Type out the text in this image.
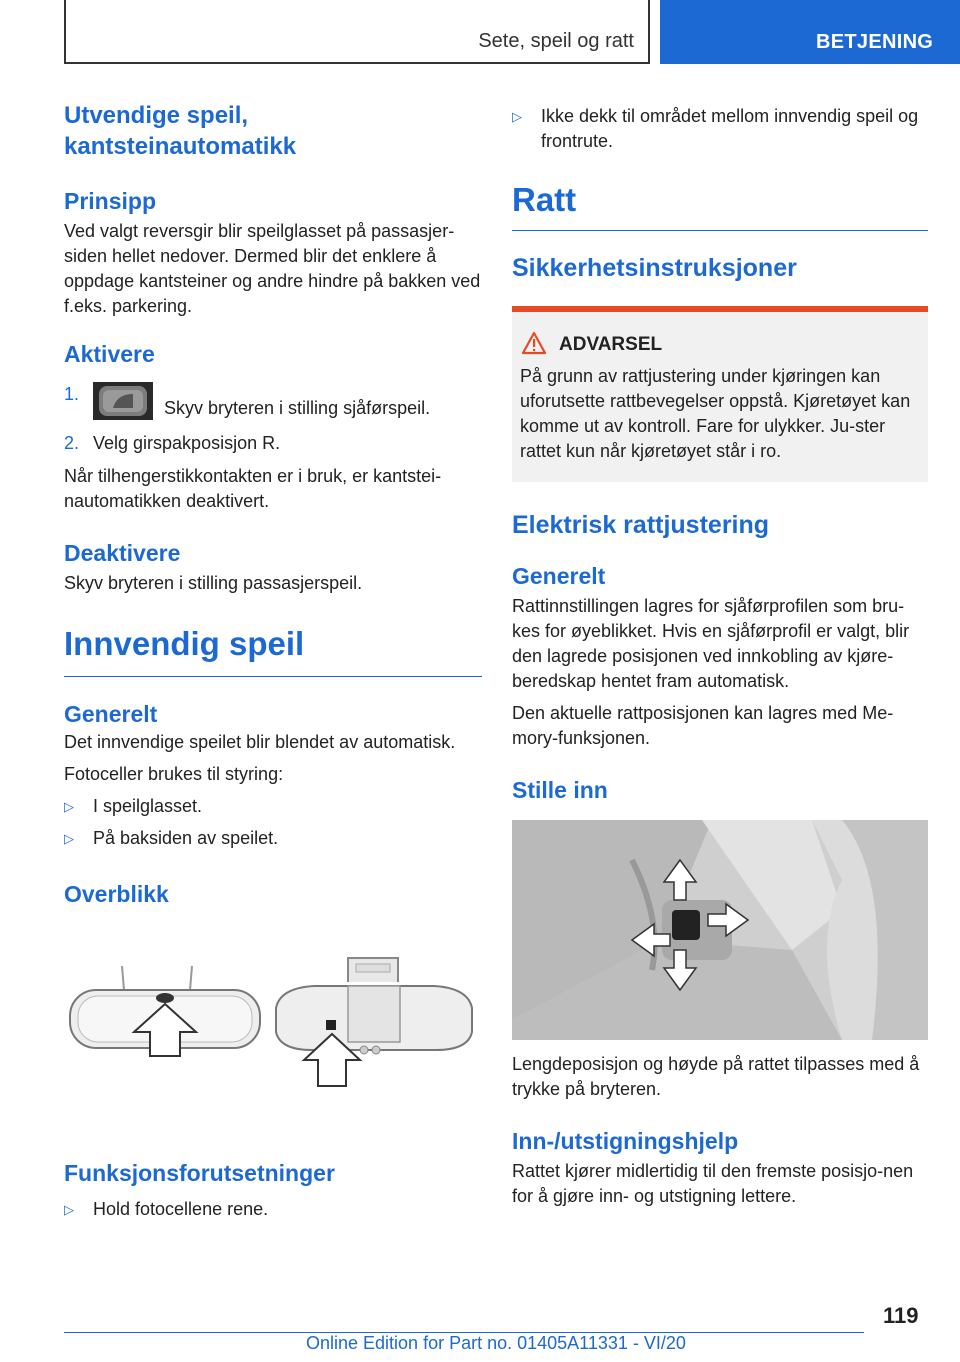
Sete, speil og ratt	BETJENING
Utvendige speil, kantsteinautomatikk
Prinsipp

Ved valgt reversgir blir speilglasset på passasjer-siden hellet nedover. Dermed blir det enklere å oppdage kantsteiner og andre hindre på bakken ved f.eks. parkering.

Aktivere
1.
Skyv bryteren i stilling sjåførspeil.
2. Velg girspakposisjon R.

Når tilhengerstikkontakten er i bruk, er kantstei-nautomatikken deaktivert.

Deaktivere

Skyv bryteren i stilling passasjerspeil.

Innvendig speil
Generelt

Det innvendige speilet blir blendet av automatisk.

Fotoceller brukes til styring:

▷ I speilglasset.
▷ På baksiden av speilet.
Overblikk
Funksjonsforutsetninger
▷ Hold fotocellene rene.
▷ Ikke dekk til området mellom innvendig speil og frontrute.
Ratt
Sikkerhetsinstruksjoner
ADVARSEL

På grunn av rattjustering under kjøringen kan uforutsette rattbevegelser oppstå. Kjøretøyet kan komme ut av kontroll. Fare for ulykker. Ju-ster rattet kun når kjøretøyet står i ro.

Elektrisk rattjustering
Generelt

Rattinnstillingen lagres for sjåførprofilen som bru-kes for øyeblikket. Hvis en sjåførprofil er valgt, blir den lagrede posisjonen ved innkobling av kjøre-beredskap hentet fram automatisk.

Den aktuelle rattposisjonen kan lagres med Me-mory-funksjonen.

Stille inn

Lengdeposisjon og høyde på rattet tilpasses med å trykke på bryteren.

Inn-/utstigningshjelp

Rattet kjører midlertidig til den fremste posisjo-nen for å gjøre inn- og utstigning lettere.

119
Online Edition for Part no. 01405A11331 - VI/20
